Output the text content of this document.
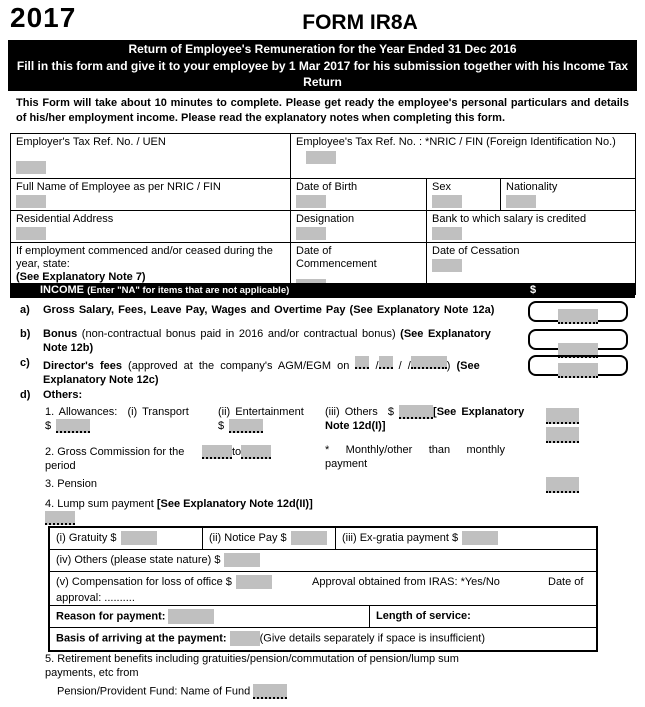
2017	FORM IR8A
Return of Employee's Remuneration for the Year Ended 31 Dec 2016
Fill in this form and give it to your employee by 1 Mar 2017 for his submission together with his Income Tax Return
This Form will take about 10 minutes to complete. Please get ready the employee's personal particulars and details of his/her employment income. Please read the explanatory notes when completing this form.
Employer's Tax Ref. No. / UEN	Employee's Tax Ref. No. : *NRIC / FIN (Foreign Identification No.)		

Full Name of Employee as per NRIC / FIN	Date of Birth	Sex	Nationality

Residential Address	Designation	Bank to which salary is credited	

If employment commenced and/or ceased during the year, state:
(See Explanatory Note 7)	Date of Commencement	Date of Cessation	
INCOME (Enter "NA" for items that are not applicable)	$
a) Gross Salary, Fees, Leave Pay, Wages and Overtime Pay (See Explanatory Note 12a)
b) Bonus (non-contractual bonus paid in 2016 and/or contractual bonus) (See Explanatory
Note 12b)
c) Director's fees (approved at the company's AGM/EGM on  / / /	) (See
Explanatory Note 12c)
d) Others:
1. Allowances: (i) Transport
$
(ii) Entertainment
$
(iii) Others $	[See Explanatory
Note 12d(I)]
2. Gross Commission for the period
to	* Monthly/other than monthly payment
3. Pension
4. Lump sum payment [See Explanatory Note 12d(II)]
(i) Gratuity $	(ii) Notice Pay $	(iii) Ex-gratia payment $
(iv) Others (please state nature) $
(v) Compensation for loss of office $	Approval obtained from IRAS: *Yes/No	Date of
approval: ..........
Reason for payment:	Length of service:
Basis of arriving at the payment:	(Give details separately if space is insufficient)
5. Retirement benefits including gratuities/pension/commutation of pension/lump sum
payments, etc from
Pension/Provident Fund: Name of Fund
